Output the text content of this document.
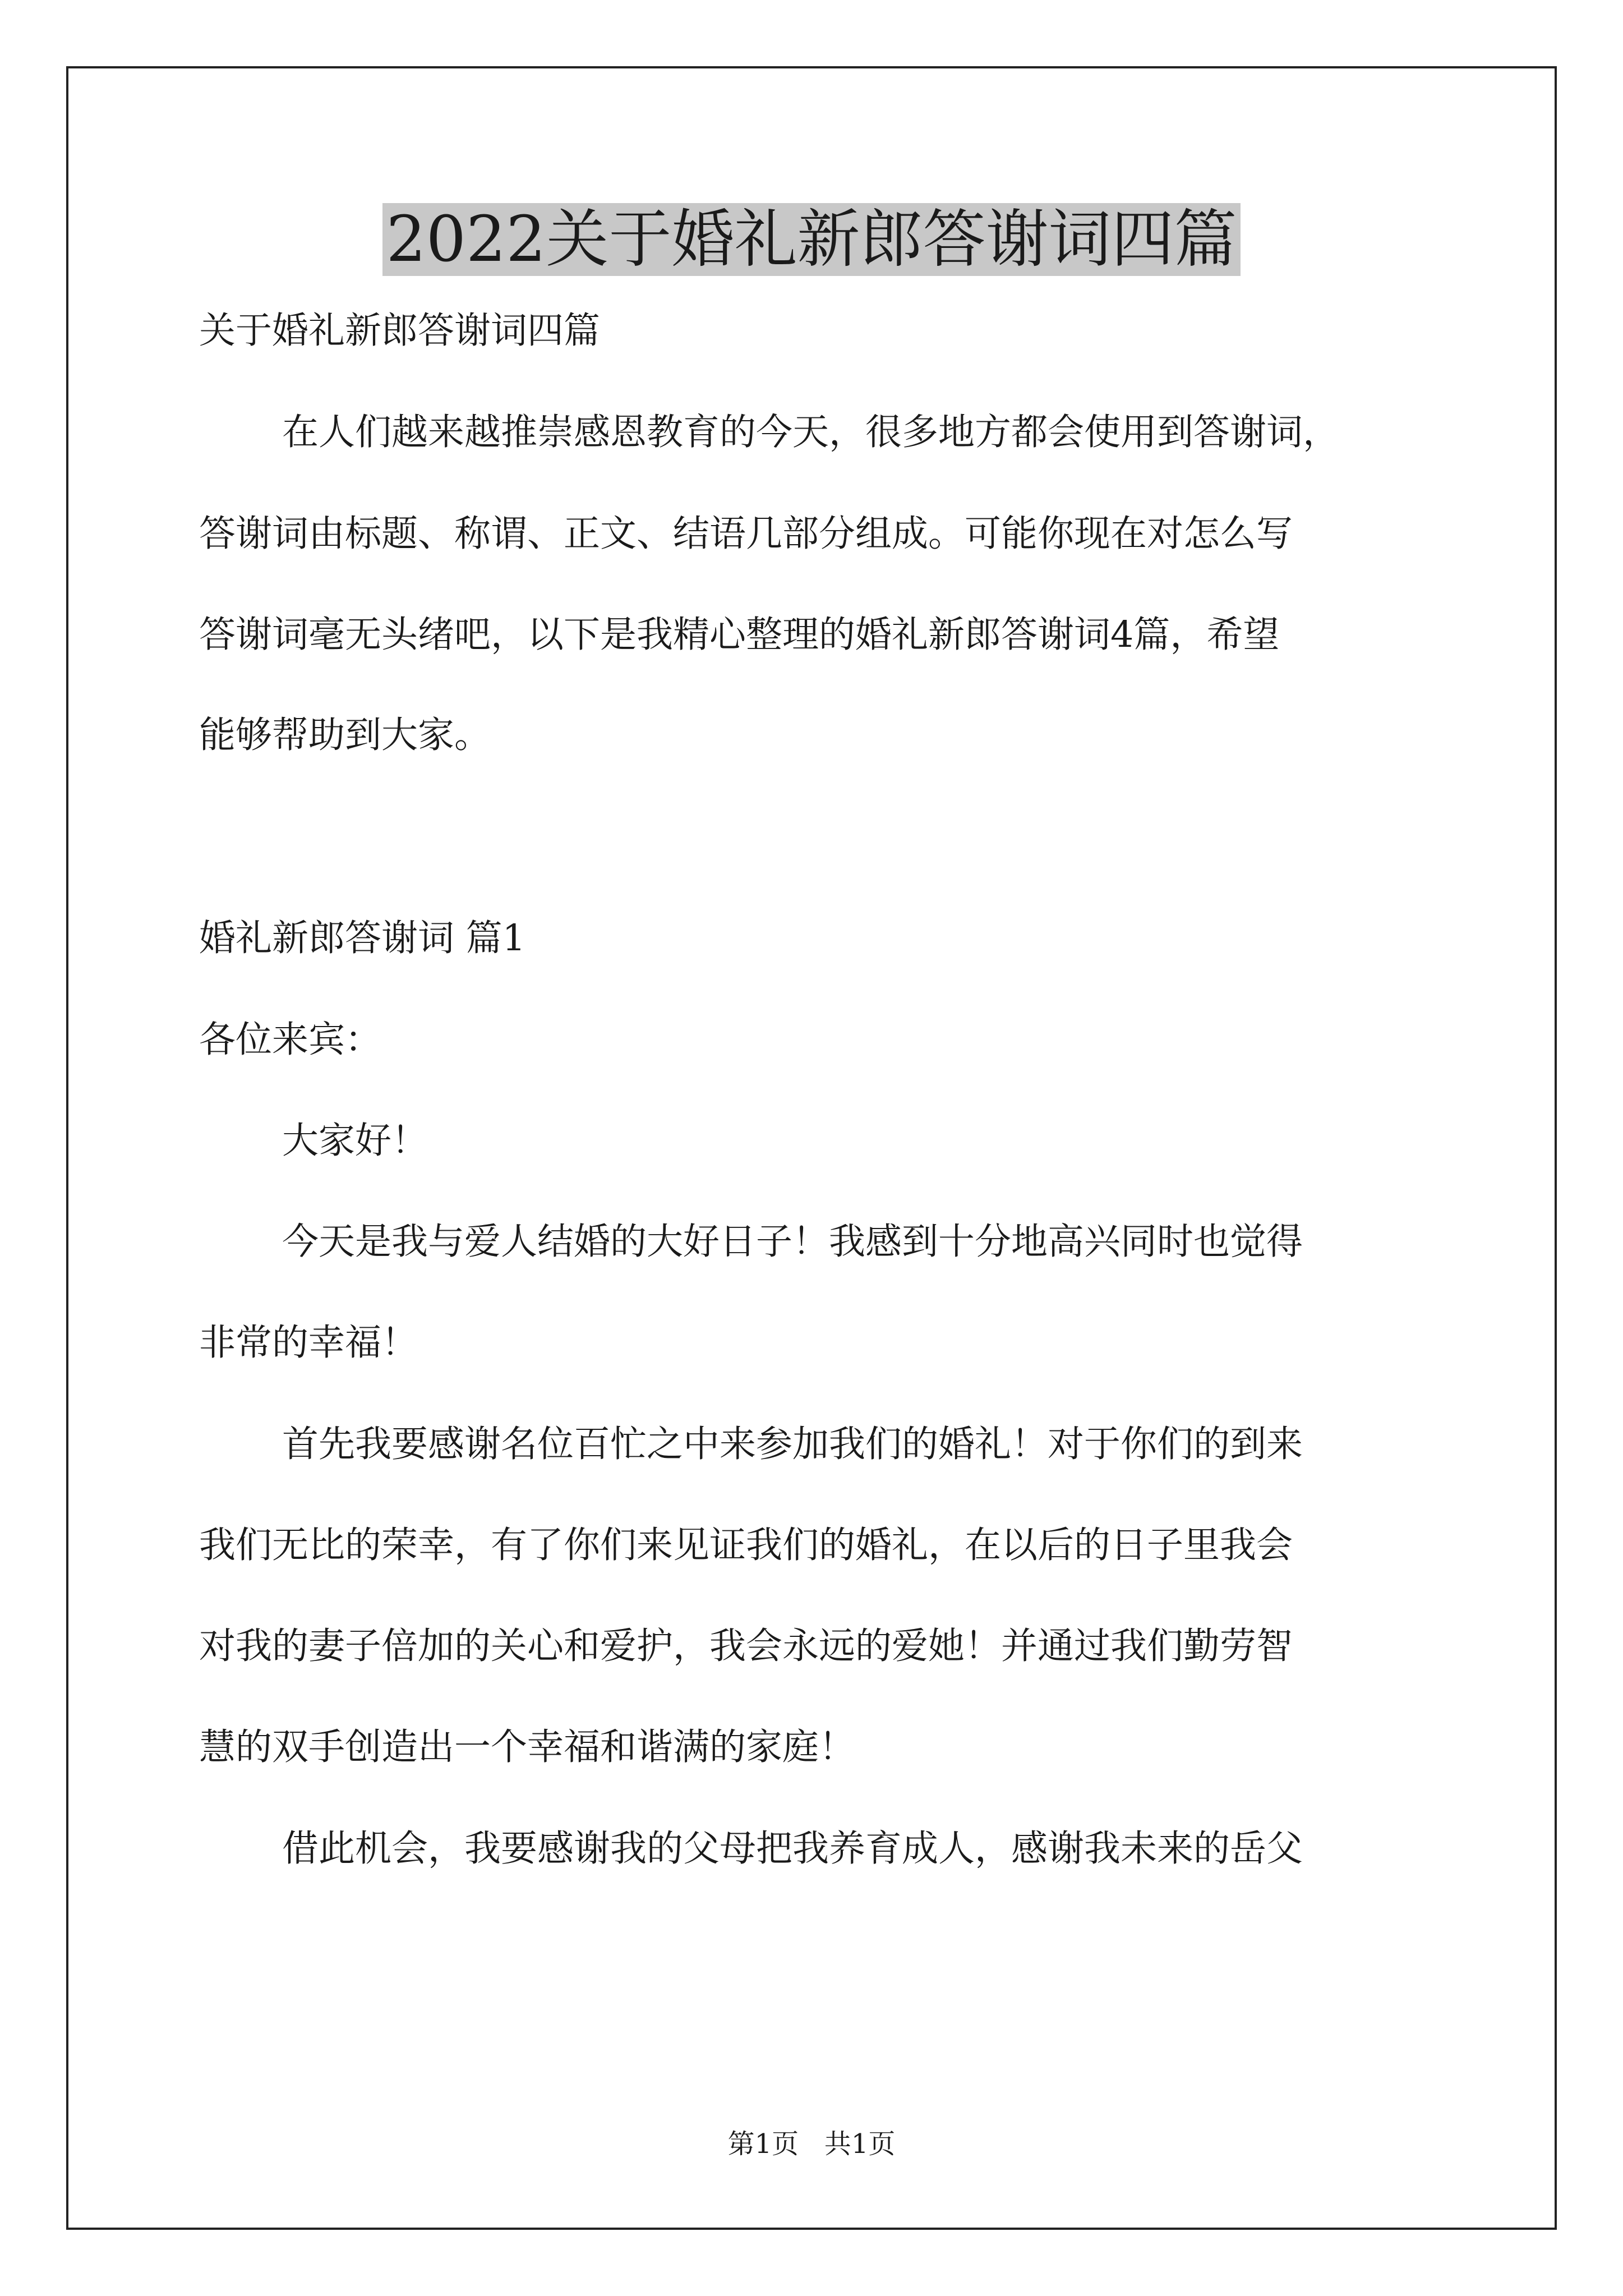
2022关于婚礼新郎答谢词四篇
关于婚礼新郎答谢词四篇
在人们越来越推崇感恩教育的今天，很多地方都会使用到答谢词，
答谢词由标题、称谓、正文、结语几部分组成。可能你现在对怎么写
答谢词毫无头绪吧，以下是我精心整理的婚礼新郎答谢词4篇，希望
能够帮助到大家。
婚礼新郎答谢词 篇1
各位来宾：
大家好！
今天是我与爱人结婚的大好日子！我感到十分地高兴同时也觉得
非常的幸福！
首先我要感谢名位百忙之中来参加我们的婚礼！对于你们的到来
我们无比的荣幸，有了你们来见证我们的婚礼，在以后的日子里我会
对我的妻子倍加的关心和爱护，我会永远的爱她！并通过我们勤劳智
慧的双手创造出一个幸福和谐满的家庭！
借此机会，我要感谢我的父母把我养育成人，感谢我未来的岳父
第1页   共1页
